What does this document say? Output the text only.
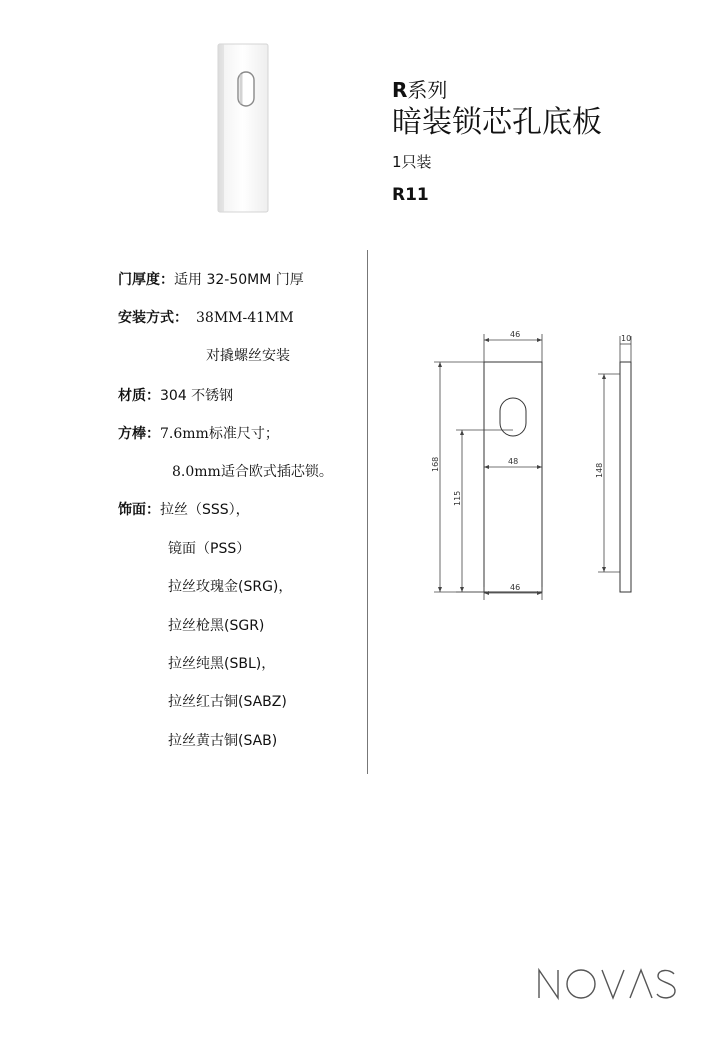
R系列
暗装锁芯孔底板
1只装
R11
门厚度：适用 32-50MM 门厚
安装方式： 38MM-41MM
对撬螺丝安装
材质：304 不锈钢
方棒：7.6mm标准尺寸；
8.0mm适合欧式插芯锁。
饰面：拉丝（SSS），
镜面（PSS）
拉丝玫瑰金(SRG)，
拉丝枪黑(SGR)
拉丝纯黑(SBL)，
拉丝红古铜(SABZ)
拉丝黄古铜(SAB)
46
48
46
168
115
10
148
